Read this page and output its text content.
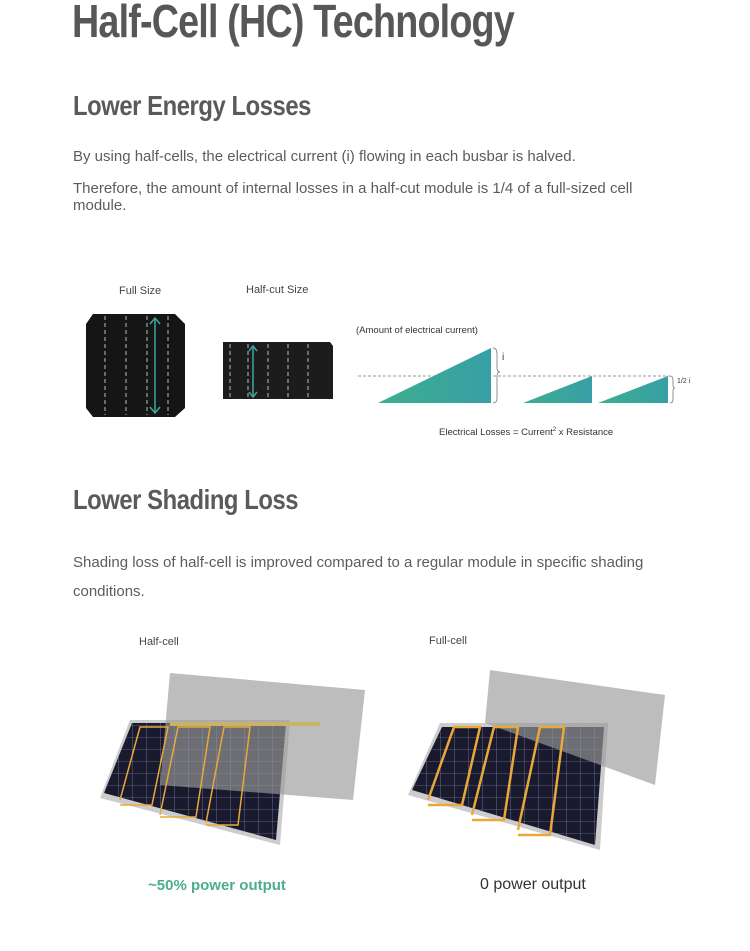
Half-Cell (HC) Technology
Lower Energy Losses
By using half-cells, the electrical current (i) flowing in each busbar is halved.
Therefore, the amount of internal losses in a half-cut module is 1/4 of a full-sized cell module.
Full Size	Half-cut Size
(Amount of electrical current)
i
1/2 i
Electrical Losses = Current$^2$ x Resistance
Lower Shading Loss
Shading loss of half-cell is improved compared to a regular module in specific shading conditions.
Half-cell	Full-cell
~50% power output	0 power output
